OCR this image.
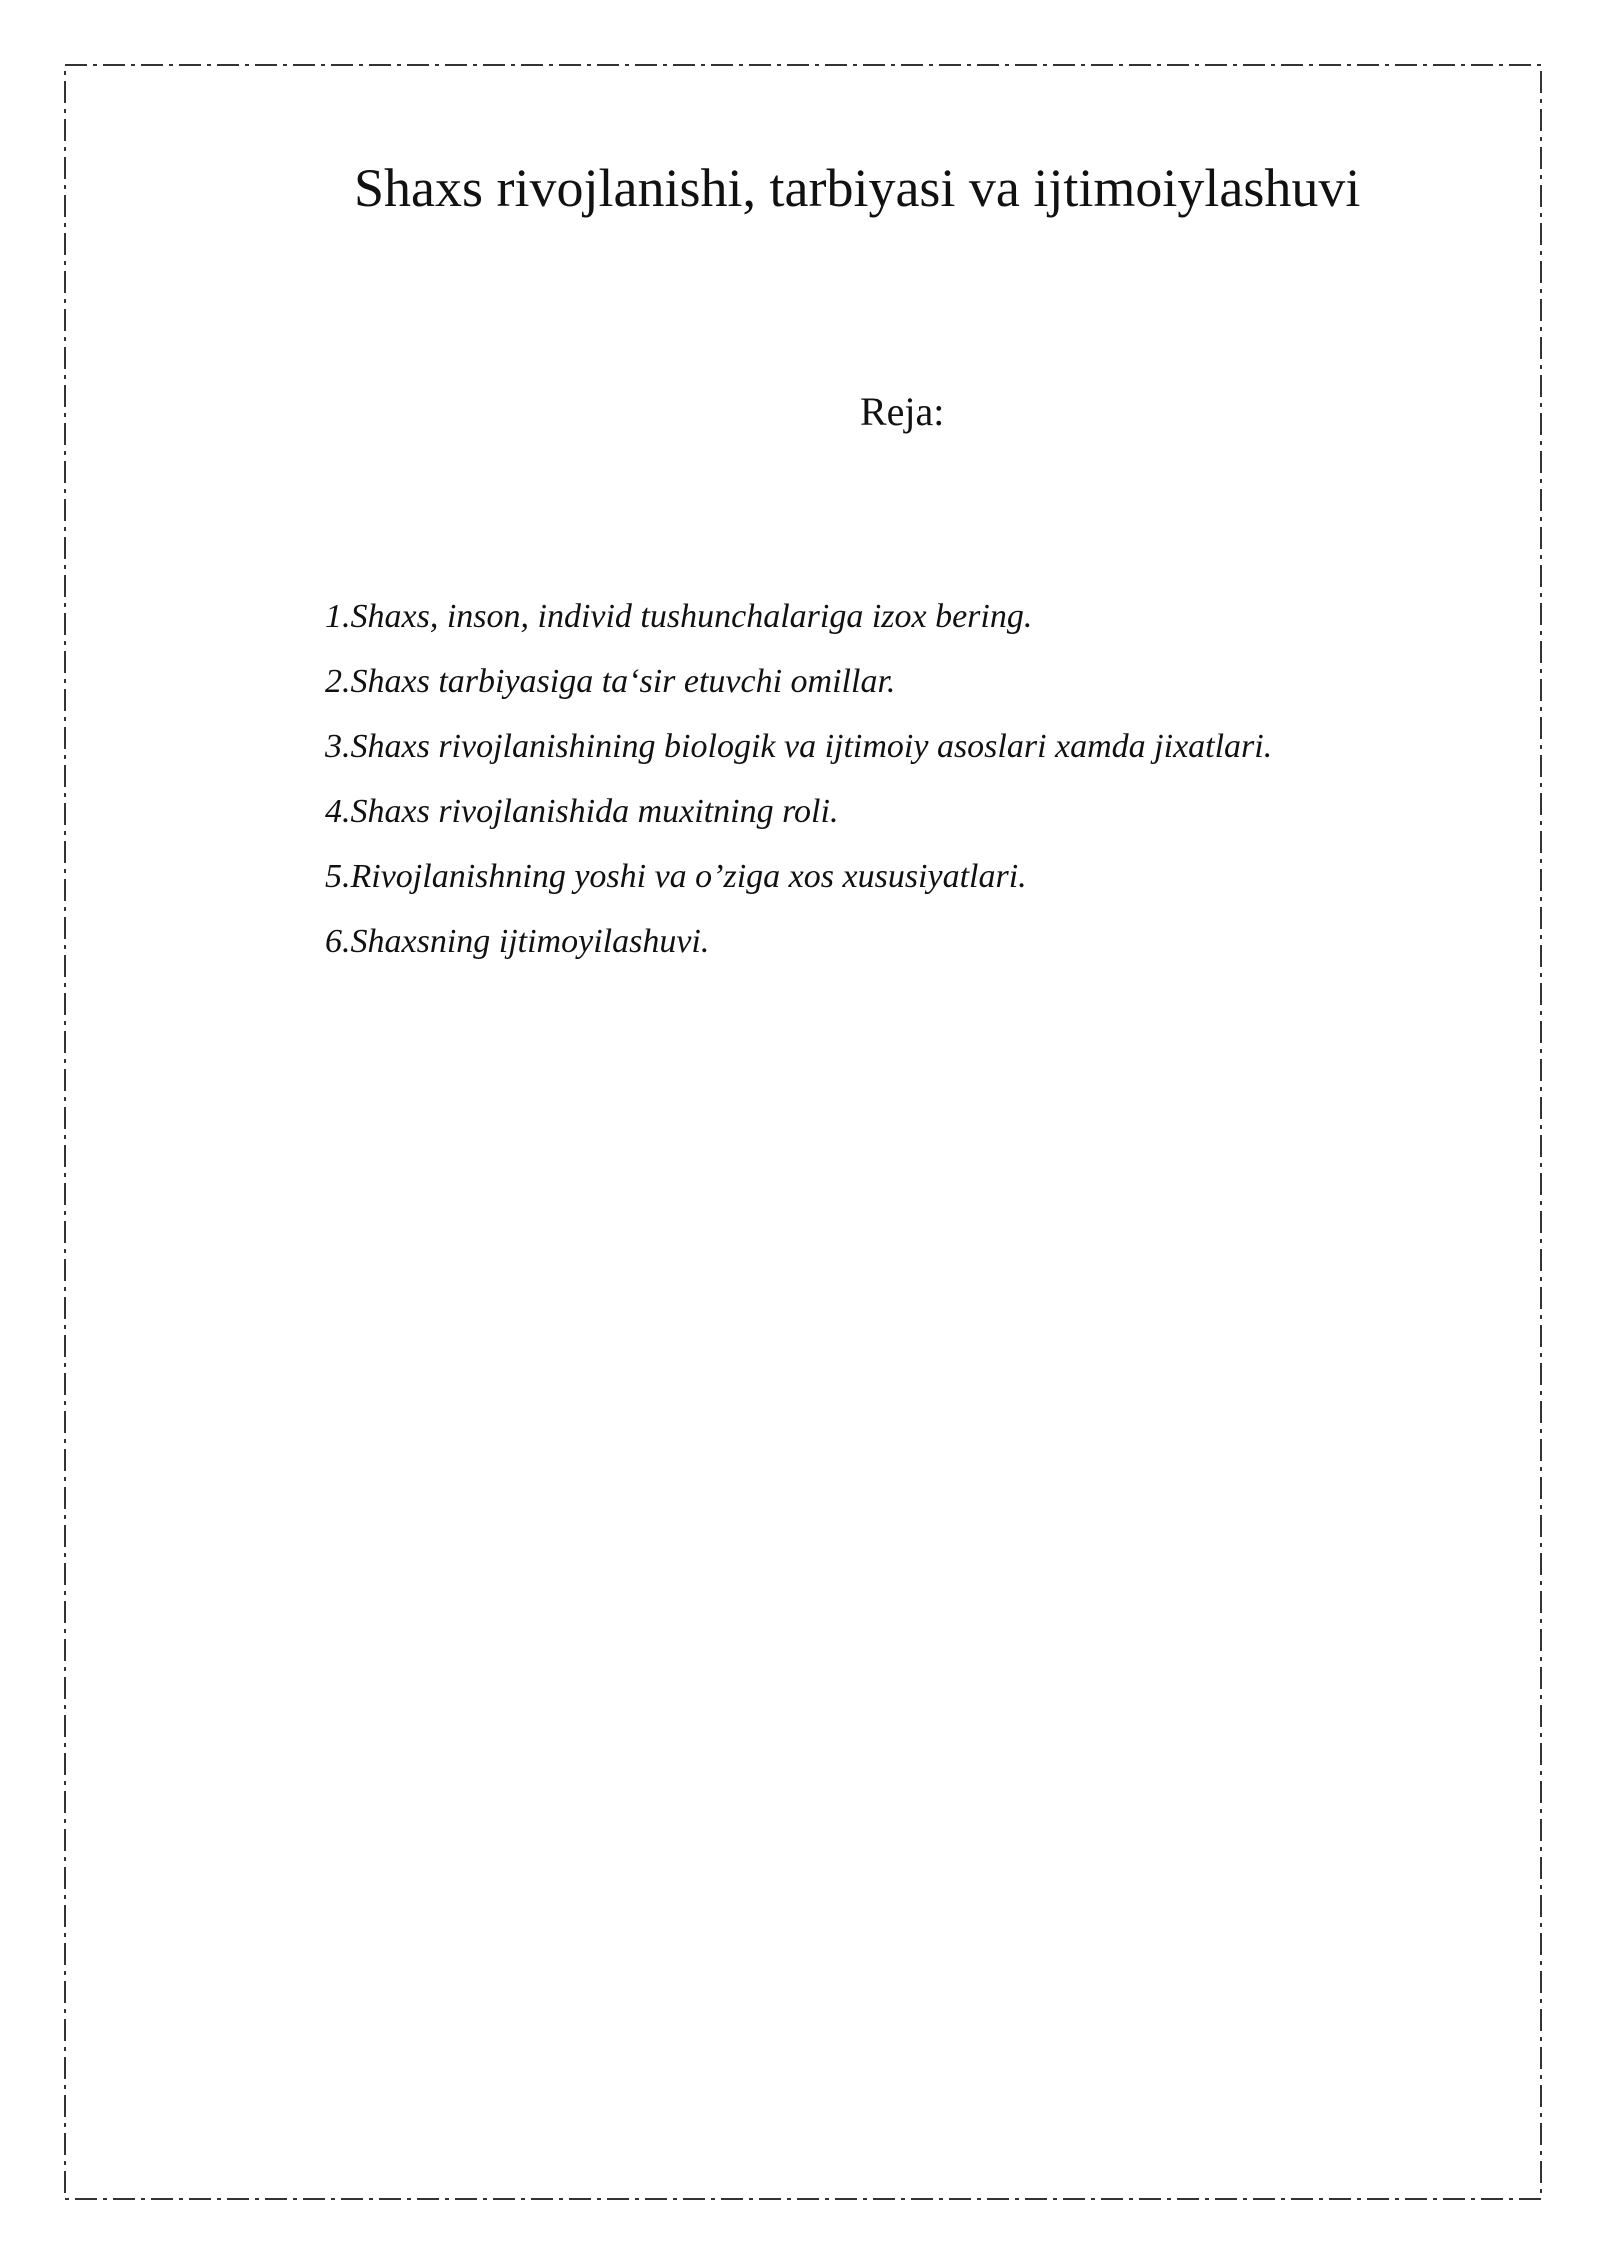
Shaxs rivojlanishi, tarbiyasi va ijtimoiylashuvi
Reja:
1.Shaxs, inson, individ tushunchalariga izox bering.
2.Shaxs tarbiyasiga ta‘sir etuvchi omillar.
3.Shaxs rivojlanishining biologik va ijtimoiy asoslari xamda jixatlari.
4.Shaxs rivojlanishida muxitning roli.
5.Rivojlanishning yoshi va o’ziga xos xususiyatlari.
6.Shaxsning ijtimoyilashuvi.
